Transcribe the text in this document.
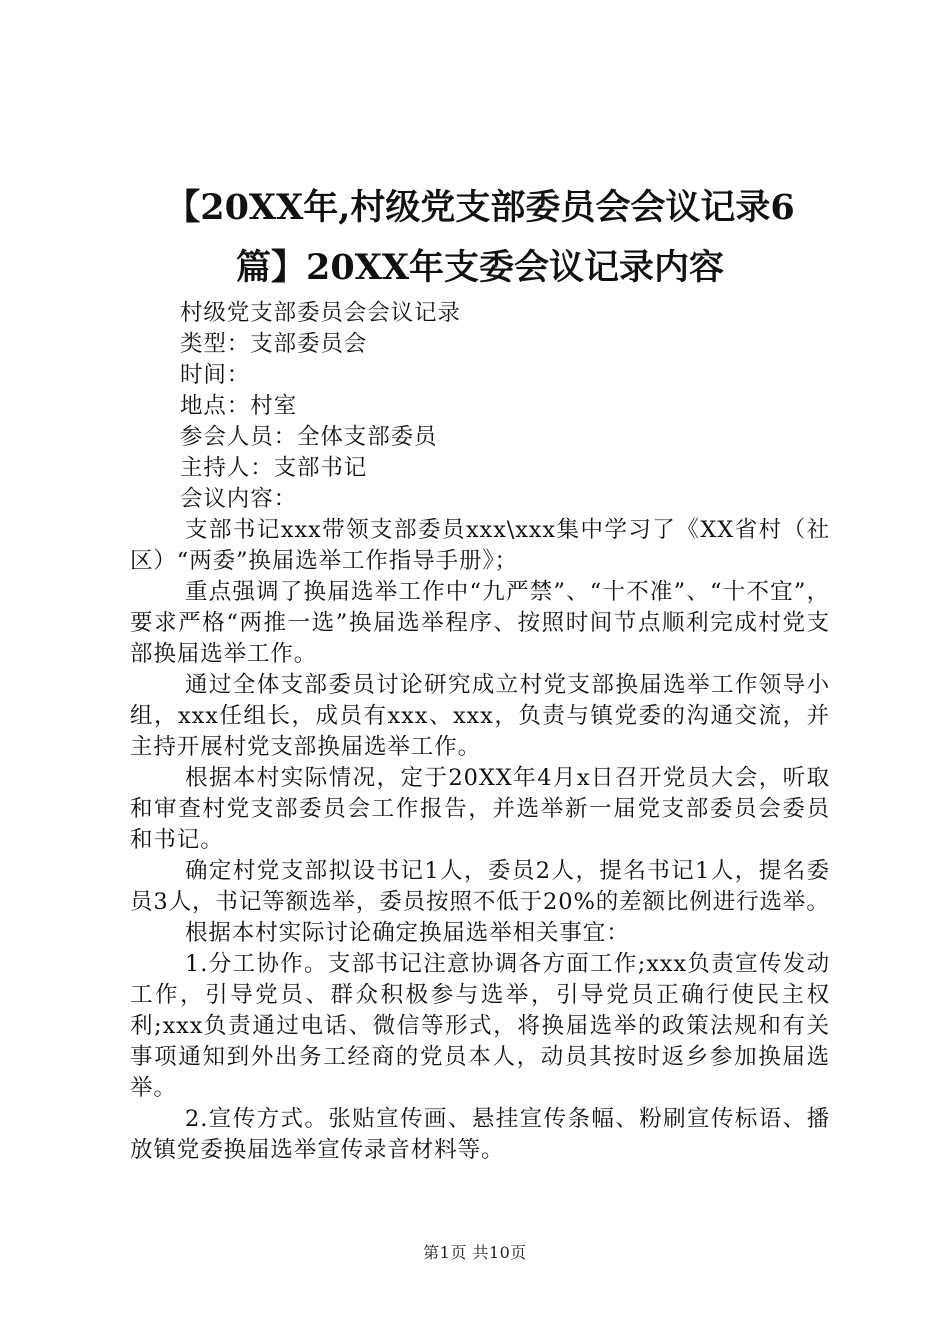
【20XX年,村级党支部委员会会议记录6篇】20XX年支委会议记录内容

村级党支部委员会会议记录

类型：支部委员会

时间：

地点：村室

参会人员：全体支部委员

主持人：支部书记

会议内容：

支部书记xxx带领支部委员xxx\xxx集中学习了《XX省村（社区）“两委”换届选举工作指导手册》；

重点强调了换届选举工作中“九严禁”、“十不准”、“十不宜”，要求严格“两推一选”换届选举程序、按照时间节点顺利完成村党支部换届选举工作。

通过全体支部委员讨论研究成立村党支部换届选举工作领导小组，xxx任组长，成员有xxx、xxx，负责与镇党委的沟通交流，并主持开展村党支部换届选举工作。

根据本村实际情况，定于20XX年4月x日召开党员大会，听取和审查村党支部委员会工作报告，并选举新一届党支部委员会委员和书记。

确定村党支部拟设书记1人，委员2人，提名书记1人，提名委员3人，书记等额选举，委员按照不低于20%的差额比例进行选举。

根据本村实际讨论确定换届选举相关事宜：

1.分工协作。支部书记注意协调各方面工作;xxx负责宣传发动工作，引导党员、群众积极参与选举，引导党员正确行使民主权利;xxx负责通过电话、微信等形式，将换届选举的政策法规和有关事项通知到外出务工经商的党员本人，动员其按时返乡参加换届选举。

2.宣传方式。张贴宣传画、悬挂宣传条幅、粉刷宣传标语、播放镇党委换届选举宣传录音材料等。

第1页 共10页
